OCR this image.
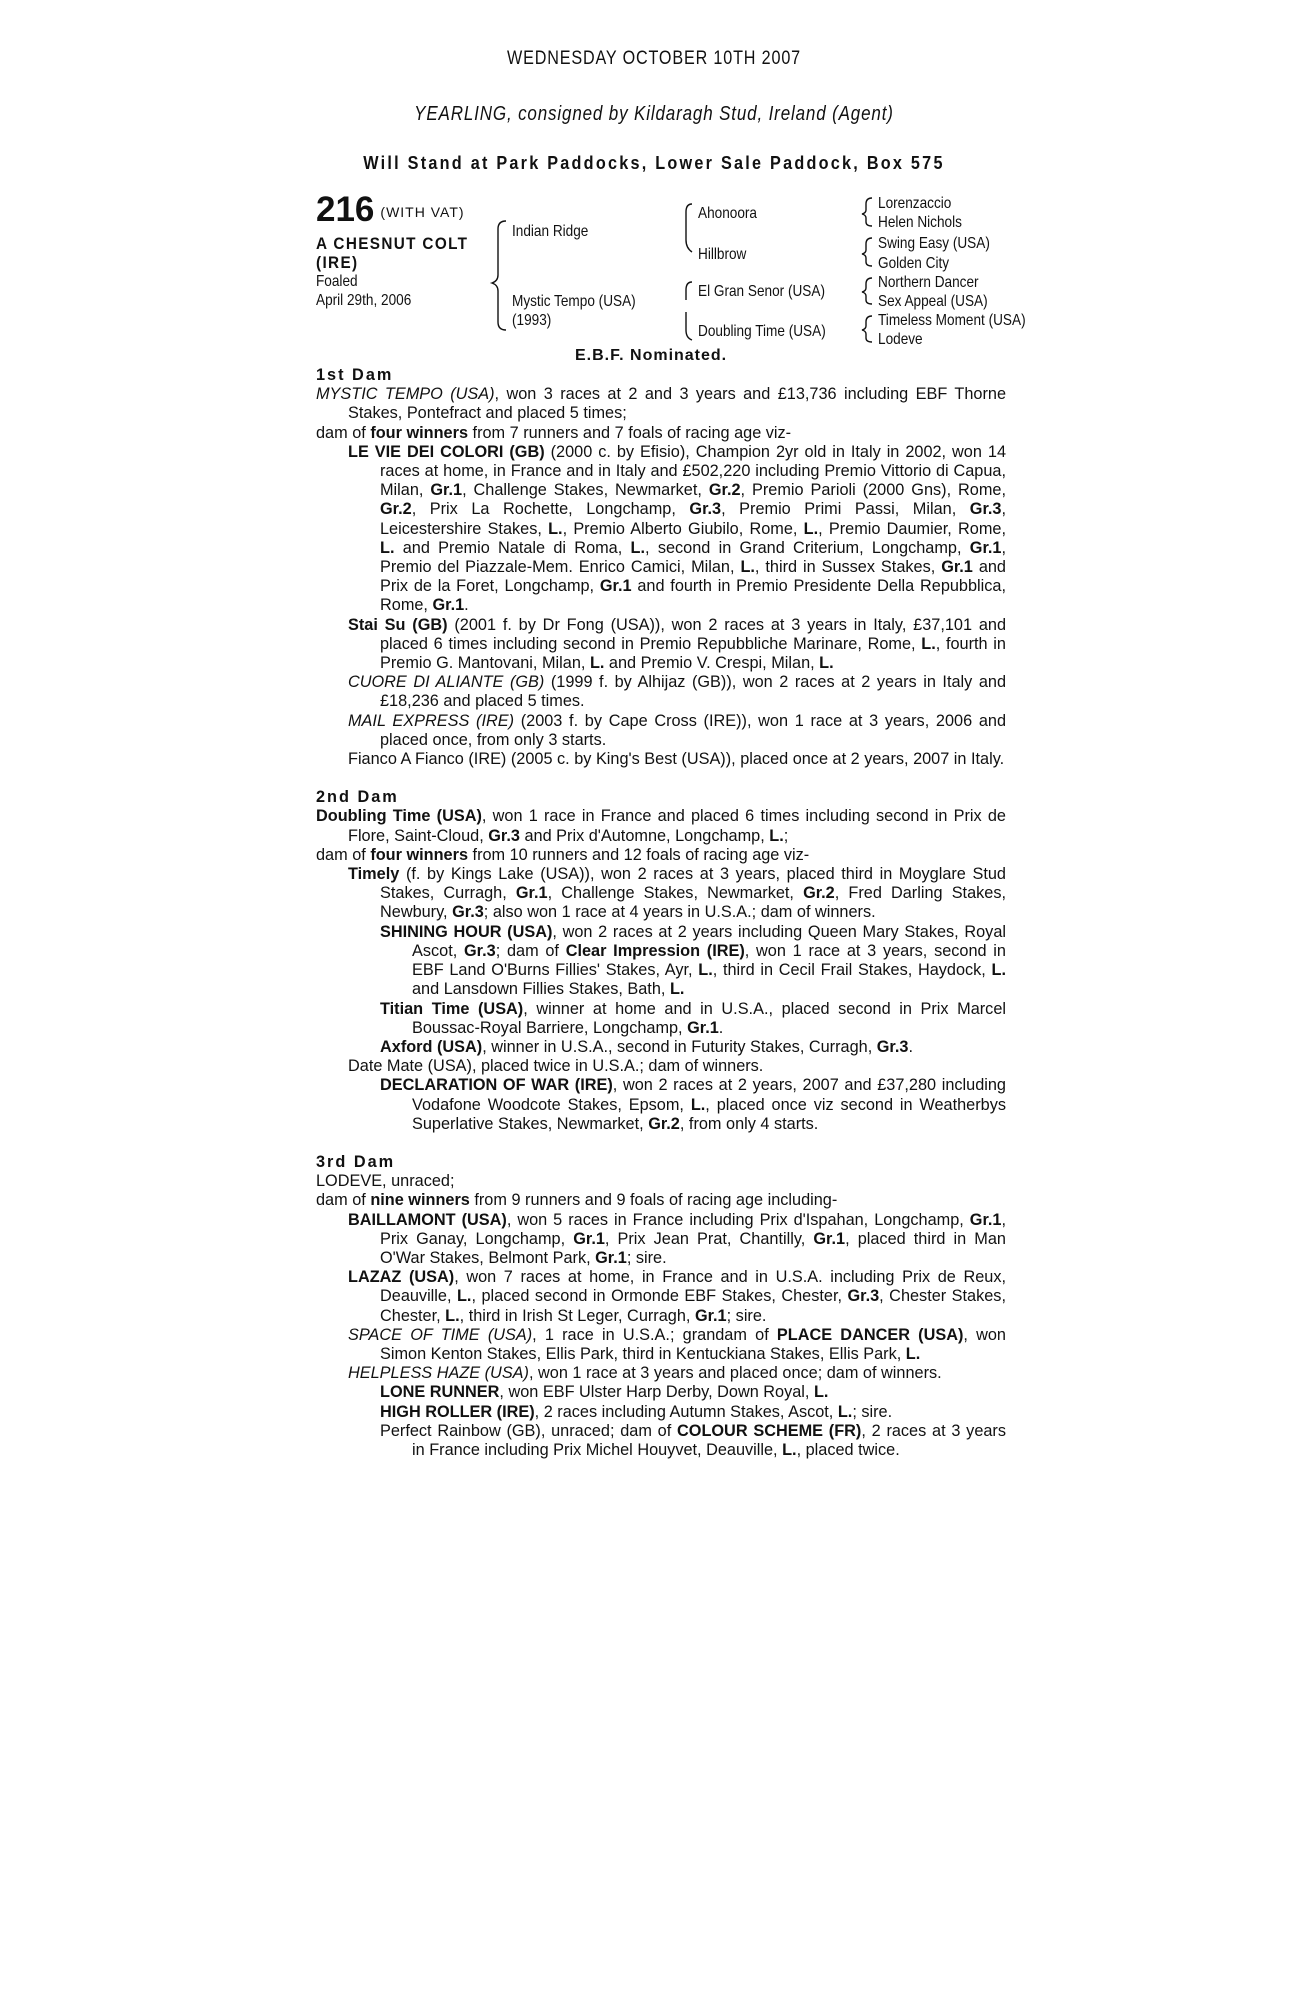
WEDNESDAY OCTOBER 10TH 2007
YEARLING, consigned by Kildaragh Stud, Ireland (Agent)
Will Stand at Park Paddocks, Lower Sale Paddock, Box 575
216 (WITH VAT)
A CHESNUT COLT
(IRE)
Foaled
April 29th, 2006
Indian Ridge
Mystic Tempo (USA)
(1993)
Ahonoora
Hillbrow
El Gran Senor (USA)
Doubling Time (USA)
Lorenzaccio
Helen Nichols
Swing Easy (USA)
Golden City
Northern Dancer
Sex Appeal (USA)
Timeless Moment (USA)
Lodeve
E.B.F. Nominated.
1st Dam

MYSTIC TEMPO (USA), won 3 races at 2 and 3 years and £13,736 including EBF Thorne Stakes, Pontefract and placed 5 times;

dam of four winners from 7 runners and 7 foals of racing age viz-

LE VIE DEI COLORI (GB) (2000 c. by Efisio), Champion 2yr old in Italy in 2002, won 14 races at home, in France and in Italy and £502,220 including Premio Vittorio di Capua, Milan, Gr.1, Challenge Stakes, Newmarket, Gr.2, Premio Parioli (2000 Gns), Rome, Gr.2, Prix La Rochette, Longchamp, Gr.3, Premio Primi Passi, Milan, Gr.3, Leicestershire Stakes, L., Premio Alberto Giubilo, Rome, L., Premio Daumier, Rome, L. and Premio Natale di Roma, L., second in Grand Criterium, Longchamp, Gr.1, Premio del Piazzale-Mem. Enrico Camici, Milan, L., third in Sussex Stakes, Gr.1 and Prix de la Foret, Longchamp, Gr.1 and fourth in Premio Presidente Della Repubblica, Rome, Gr.1.

Stai Su (GB) (2001 f. by Dr Fong (USA)), won 2 races at 3 years in Italy, £37,101 and placed 6 times including second in Premio Repubbliche Marinare, Rome, L., fourth in Premio G. Mantovani, Milan, L. and Premio V. Crespi, Milan, L.

CUORE DI ALIANTE (GB) (1999 f. by Alhijaz (GB)), won 2 races at 2 years in Italy and £18,236 and placed 5 times.

MAIL EXPRESS (IRE) (2003 f. by Cape Cross (IRE)), won 1 race at 3 years, 2006 and placed once, from only 3 starts.

Fianco A Fianco (IRE) (2005 c. by King's Best (USA)), placed once at 2 years, 2007 in Italy.

2nd Dam

Doubling Time (USA), won 1 race in France and placed 6 times including second in Prix de Flore, Saint-Cloud, Gr.3 and Prix d'Automne, Longchamp, L.;

dam of four winners from 10 runners and 12 foals of racing age viz-

Timely (f. by Kings Lake (USA)), won 2 races at 3 years, placed third in Moyglare Stud Stakes, Curragh, Gr.1, Challenge Stakes, Newmarket, Gr.2, Fred Darling Stakes, Newbury, Gr.3; also won 1 race at 4 years in U.S.A.; dam of winners.

SHINING HOUR (USA), won 2 races at 2 years including Queen Mary Stakes, Royal Ascot, Gr.3; dam of Clear Impression (IRE), won 1 race at 3 years, second in EBF Land O'Burns Fillies' Stakes, Ayr, L., third in Cecil Frail Stakes, Haydock, L. and Lansdown Fillies Stakes, Bath, L.

Titian Time (USA), winner at home and in U.S.A., placed second in Prix Marcel Boussac-Royal Barriere, Longchamp, Gr.1.

Axford (USA), winner in U.S.A., second in Futurity Stakes, Curragh, Gr.3.

Date Mate (USA), placed twice in U.S.A.; dam of winners.

DECLARATION OF WAR (IRE), won 2 races at 2 years, 2007 and £37,280 including Vodafone Woodcote Stakes, Epsom, L., placed once viz second in Weatherbys Superlative Stakes, Newmarket, Gr.2, from only 4 starts.

3rd Dam

LODEVE, unraced;

dam of nine winners from 9 runners and 9 foals of racing age including-

BAILLAMONT (USA), won 5 races in France including Prix d'Ispahan, Longchamp, Gr.1, Prix Ganay, Longchamp, Gr.1, Prix Jean Prat, Chantilly, Gr.1, placed third in Man O'War Stakes, Belmont Park, Gr.1; sire.

LAZAZ (USA), won 7 races at home, in France and in U.S.A. including Prix de Reux, Deauville, L., placed second in Ormonde EBF Stakes, Chester, Gr.3, Chester Stakes, Chester, L., third in Irish St Leger, Curragh, Gr.1; sire.

SPACE OF TIME (USA), 1 race in U.S.A.; grandam of PLACE DANCER (USA), won Simon Kenton Stakes, Ellis Park, third in Kentuckiana Stakes, Ellis Park, L.

HELPLESS HAZE (USA), won 1 race at 3 years and placed once; dam of winners.

LONE RUNNER, won EBF Ulster Harp Derby, Down Royal, L.

HIGH ROLLER (IRE), 2 races including Autumn Stakes, Ascot, L.; sire.

Perfect Rainbow (GB), unraced; dam of COLOUR SCHEME (FR), 2 races at 3 years in France including Prix Michel Houyvet, Deauville, L., placed twice.
